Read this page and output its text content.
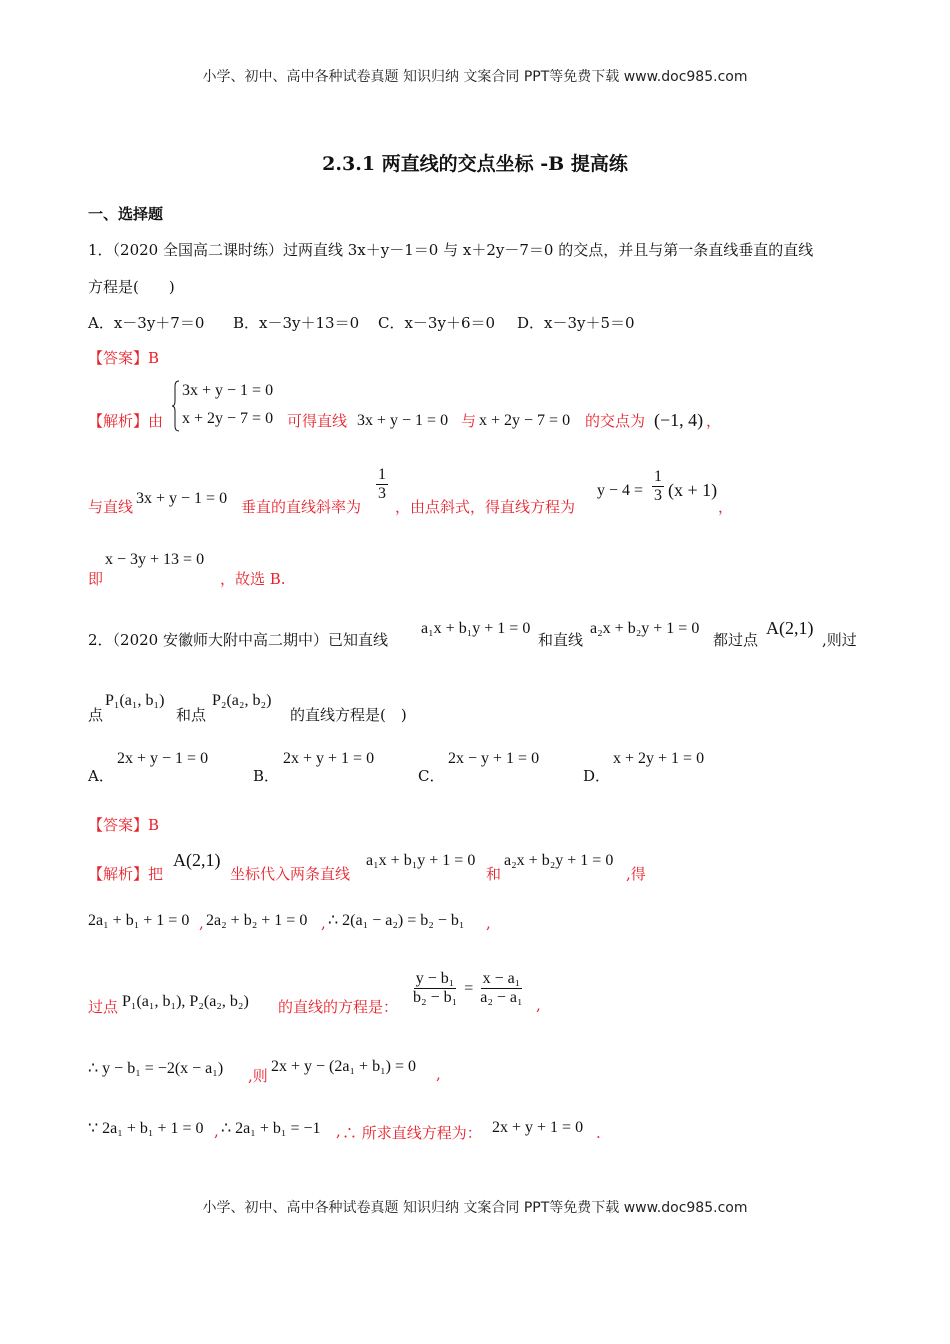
小学、初中、高中各种试卷真题 知识归纳 文案合同 PPT等免费下载 www.doc985.com
小学、初中、高中各种试卷真题 知识归纳 文案合同 PPT等免费下载 www.doc985.com
2.3.1 两直线的交点坐标 -B 提高练
一、选择题
1．（2020 全国高二课时练）过两直线 3x＋y－1＝0 与 x＋2y－7＝0 的交点，并且与第一条直线垂直的直线
方程是(　　)
A．x－3y＋7＝0 B．x－3y＋13＝0 C．x－3y＋6＝0 D．x－3y＋5＝0
【答案】B
【解析】由
3x + y − 1 = 0
x + 2y − 7 = 0 可得直线 3x + y − 1 = 0 与 x + 2y − 7 = 0 的交点为 (−1, 4) ，
与直线 3x + y − 1 = 0 垂直的直线斜率为
$\frac{1}{3}$
，由点斜式，得直线方程为
$y - 4 = \frac{1}{3} (x + 1)$
，
即
x − 3y + 13 = 0
，故选 B.
2．（2020 安徽师大附中高二期中）已知直线
a₁x + b₁y + 1 = 0
和直线
a₂x + b₂y + 1 = 0
都过点
A(2,1)
,则过
点
P₁(a₁, b₁)
和点
P₂(a₂, b₂)
的直线方程是(　)
A．
2x + y − 1 = 0
B．
2x + y + 1 = 0
C．
2x − y + 1 = 0
D．
x + 2y + 1 = 0
【答案】B
【解析】把
A(2,1)
坐标代入两条直线
a₁x + b₁y + 1 = 0
和
a₂x + b₂y + 1 = 0
,得
2a₁ + b₁ + 1 = 0 , 2a₂ + b₂ + 1 = 0 , ∴ 2(a₁ − a₂) = b₂ − b₁ ,
过点 P₁(a₁, b₁), P₂(a₂, b₂) 的直线的方程是： $\frac{\text{y − b₁}}{\text{b₂ − b₁}} = \frac{\text{x − a₁}}{\text{a₂ − a₁}}$ ,
∴ y − b₁ = −2(x − a₁) ,则
2x + y − (2a₁ + b₁) = 0 ,
∵ 2a₁ + b₁ + 1 = 0 , ∴ 2a₁ + b₁ = −1 , ∴ 所求直线方程为： 2x + y + 1 = 0 .
